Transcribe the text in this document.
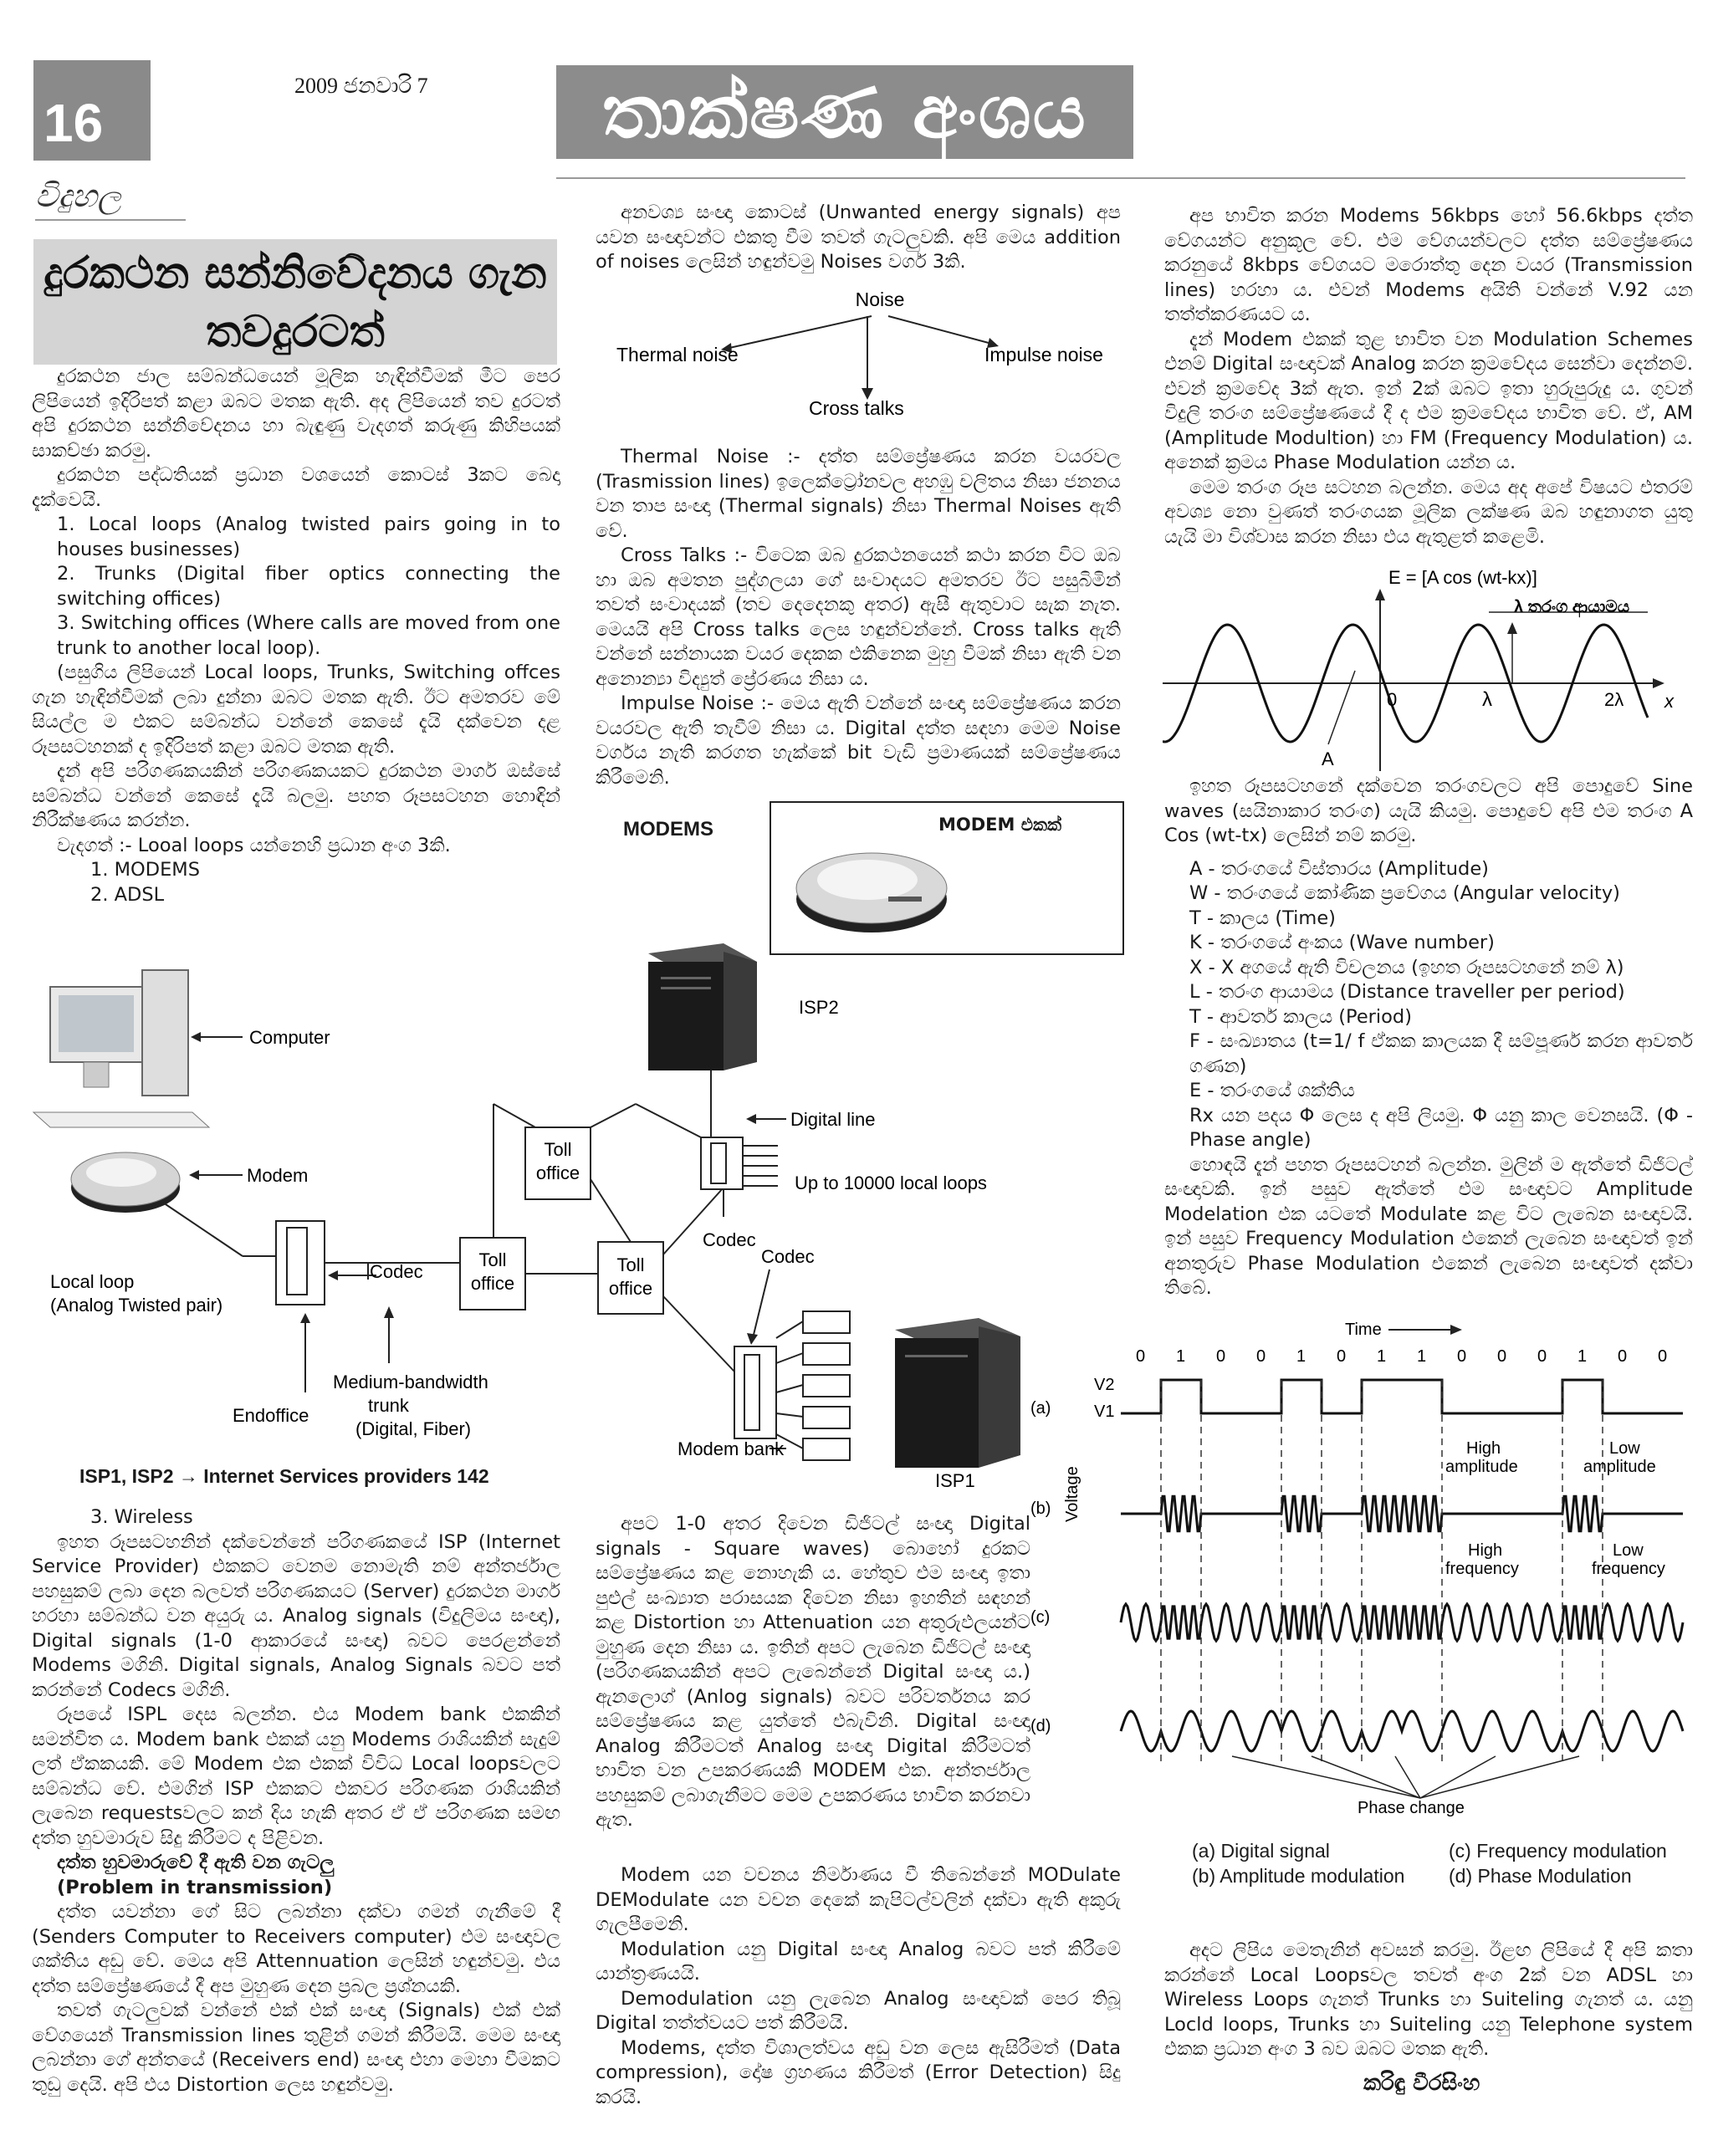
16
2009 ජනවාරි 7	තාක්ෂණ අංශය
විදුහල
දුරකථන සන්නිවේදනය ගැන
තවදුරටත්

දුරකථන ජාල සම්බන්ධයෙන් මූලික හැඳින්වීමක් මීට පෙර ලිපියෙන් ඉදිරිපත් කළා ඔබට මතක ඇති. අද ලිපියෙන් තව දුරටත් අපි දුරකථන සන්නිවේදනය හා බැඳුණු වැදගත් කරුණු කිහිපයක් සාකච්ඡා කරමු.

දුරකථන පද්ධතියක් ප්‍රධාන වශයෙන් කොටස් 3කට බෙදා දැක්වෙයි.

1. Local loops (Analog twisted pairs going in to houses businesses)

2. Trunks (Digital fiber optics connecting the switching offices)

3. Switching offices (Where calls are moved from one trunk to another local loop).

(පසුගිය ලිපියෙන් Local loops, Trunks, Switching offces ගැන හැඳින්වීමක් ලබා දුන්නා ඔබට මතක ඇති. ඊට අමතරව මේ සියල්ල ම එකට සම්බන්ධ වන්නේ කෙසේ දැයි දක්වෙන දළ රූපසටහනක් ද ඉදිරිපත් කළා ඔබට මතක ඇති.

දැන් අපි පරිගණකයකින් පරිගණකයකට දුරකථන මාර්ග ඔස්සේ සම්බන්ධ වන්නේ කෙසේ දැයි බලමු. පහත රූපසටහන හොඳින් නිරීක්ෂණය කරන්න.

වැදගත් :- Looal loops යන්නෙහි ප්‍රධාන අංග 3කි.

1. MODEMS

2. ADSL

අනවශ්‍ය සංඥා කොටස් (Unwanted energy signals) අප යවන සංඥාවන්ට එකතු වීම තවත් ගැටලුවකි. අපි මෙය addition of noises ලෙසින් හඳුන්වමු Noises වර්ග 3කි.

Noise
Thermal noise	Impulse noise
Cross talks

Thermal Noise :- දත්ත සම්ප්‍රේෂණය කරන වයරවල (Trasmission lines) ඉලෙක්ට්‍රෝනවල අහඹු චලිතය නිසා ජනනය වන තාප සංඥා (Thermal signals) නිසා Thermal Noises ඇති වේ.

Cross Talks :- විටෙක ඔබ දුරකථනයෙන් කථා කරන විට ඔබ හා ඔබ අමතන පුද්ගලයා ගේ සංවාදයට අමතරව ඊට පසුබිමින් තවත් සංවාදයක් (තව දෙදෙනකු අතර) ඇසී ඇතුවාට සැක නැත. මෙයයි අපි Cross talks ලෙස හඳුන්වන්නේ. Cross talks ඇති වන්නේ සන්නායක වයර දෙකක එකිනෙක මුහු වීමක් නිසා ඇති වන අනොන්‍යා විද්‍යුත් ප්‍රේරණය නිසා ය.

Impulse Noise :- මෙය ඇති වන්නේ සංඥා සම්ප්‍රේෂණය කරන වයරවල ඇති තැවීම් නිසා ය. Digital දත්ත සඳහා මෙම Noise වර්ගය නැති කරගත හැක්කේ bit වැඩි ප්‍රමාණයක් සම්ප්‍රේෂණය කිරීමෙනි.

MODEMS	MODEM එකක්
Computer
Modem
Local loop
(Analog Twisted pair)
Codec
Endoffice
Medium-bandwidth
trunk
(Digital, Fiber)
Toll
office
Toll
office
Toll
office
ISP2
Digital line
Up to 10000 local loops
Codec
Codec
Modem bank
ISP1
ISP1, ISP2 → Internet Services providers 142

3. Wireless

ඉහත රූපසටහනින් දක්වෙන්නේ පරිගණකයේ ISP (Internet Service Provider) එකකට වෙනම නොමැති නම් අන්තර්ජාල පහසුකම් ලබා දෙන බලවත් පරිගණකයට (Server) දුරකථන මාර්ග හරහා සම්බන්ධ වන අයුරු ය. Analog signals (විදුලිමය සංඥා), Digital signals (1-0 ආකාරයේ සංඥා) බවට පෙරළන්නේ Modems මගිනි. Digital signals, Analog Signals බවට පත් කරන්නේ Codecs මගිනි.

රූපයේ ISPL දෙස බලන්න. එය Modem bank එකකින් සමන්විත ය. Modem bank එකක් යනු Modems රාශියකින් සැදුම් ලත් ඒකකයකි. මේ Modem එක එකක් විවිධ Local loopsවලට සම්බන්ධ වේ. එමගින් ISP එකකට එකවර පරිගණක රාශියකින් ලැබෙන requestsවලට කන් දිය හැකි අතර ඒ ඒ පරිගණක සමඟ දත්ත හුවමාරුව සිදු කිරීමට ද පිළිවන.

දත්ත හුවමාරුවේ දී ඇති වන ගැටලු

(Problem in transmission)

දත්ත යවන්නා ගේ සිට ලබන්නා දක්වා ගමන් ගැනීමේ දී (Senders Computer to Receivers computer) එම සංඥාවල ශක්තිය අඩු වේ. මෙය අපි Attennuation ලෙසින් හඳුන්වමු. එය දත්ත සම්ප්‍රේෂණයේ දී අප මුහුණ දෙන ප්‍රබල ප්‍රශ්නයකි.

තවත් ගැටලුවක් වන්නේ එක් එක් සංඥා (Signals) එක් එක් වේගයෙන් Transmission lines තුළින් ගමන් කිරීමයි. මෙම සංඥා ලබන්නා ගේ අන්තයේ (Receivers end) සංඥා එහා මෙහා වීමකට තුඩු දෙයි. අපි එය Distortion ලෙස හඳුන්වමු.

අපට 1-0 අතර දිවෙන ඩිජිටල් සංඥා Digital signals - Square waves) බොහෝ දුරකට සම්ප්‍රේෂණය කළ නොහැකි ය. හේතුව එම සංඥා ඉතා පුළුල් සංඛ්‍යාත පරාසයක දිවෙන නිසා ඉහතින් සඳහන් කළ Distortion හා Attenuation යන අතුරුඵලයන්ට මුහුණ දෙන නිසා ය. ඉතින් අපට ලැබෙන ඩිජිටල් සංඥා (පරිගණකයකින් අපට ලැබෙන්නේ Digital සංඥා ය.) ඇනලොග් (Anlog signals) බවට පරිවර්තනය කර සම්ප්‍රේෂණය කළ යුත්තේ එබැවිනි. Digital සංඥා Analog කිරීමටත් Analog සංඥා Digital කිරීමටත් භාවිත වන උපකරණයකි MODEM එක. අන්තර්ජාල පහසුකම් ලබාගැනීමට මෙම උපකරණය භාවිත කරනවා ඇත.

Modem යන වචනය නිර්මාණය වී තිබෙන්නේ MODulate DEModulate යන වචන දෙකේ කැපිටල්වලින් දක්වා ඇති අකුරු ගැලපීමෙනි.

Modulation යනු Digital සංඥා Analog බවට පත් කිරීමේ යාන්ත්‍රණයයි.

Demodulation යනු ලැබෙන Analog සංඥාවක් පෙර තිබූ Digital තත්ත්වයට පත් කිරීමයි.

Modems, දත්ත විශාලත්වය අඩු වන ලෙස ඇසිරීමත් (Data compression), දෝෂ ග්‍රහණය කිරීමත් (Error Detection) සිදු කරයි.

අප භාවිත කරන Modems 56kbps හෝ 56.6kbps දත්ත වේගයන්ට අනුකූල වේ. එම වේගයන්වලට දත්ත සම්ප්‍රේෂණය කරනුයේ 8kbps වේගයට මරොත්තු දෙන වයර (Transmission lines) හරහා ය. එවන් Modems අයිති වන්නේ V.92 යන තත්ත්කරණයට ය.

දැන් Modem එකක් තුළ භාවිත වන Modulation Schemes එනම් Digital සංඥාවක් Analog කරන ක්‍රමවේදය සෙන්වා දෙන්නම්. එවන් ක්‍රමවේද 3ක් ඇත. ඉන් 2ක් ඔබට ඉතා හුරුපුරුදු ය. ගුවන් විදුලි තරංග සම්ප්‍රේෂණයේ දී ද එම ක්‍රමවේදය භාවිත වේ. ඒ, AM (Amplitude Modultion) හා FM (Frequency Modulation) ය. අනෙක් ක්‍රමය Phase Modulation යන්න ය.

මෙම තරංග රූප සටහන බලන්න. මෙය අද අපේ විෂයට එතරම් අවශ්‍ය නො වුණත් තරංගයක මූලික ලක්ෂණ ඔබ හඳුනාගත යුතු යැයි මා විශ්වාස කරන නිසා එය ඇතුළත් කළෙමි.

E = [A cos (wt-kx)]
λ තරංග ආයාමය
0	λ	2λ x
A

ඉහත රූපසටහනේ දක්වෙන තරංගවලට අපි පොදුවේ Sine waves (සයිනාකාර තරංග) යැයි කියමු. පොදුවේ අපි එම තරංග A Cos (wt-tx) ලෙසින් නම් කරමු.

A - තරංගයේ විස්තාරය (Amplitude)

W - තරංගයේ කෝණික ප්‍රවේගය (Angular velocity)

T - කාලය (Time)

K - තරංගයේ අංකය (Wave number)

X - X අගයේ ඇති විචලනය (ඉහත රූපසටහනේ නම් λ)

L - තරංග ආයාමය (Distance traveller per period)

T - ආවර්ත කාලය (Period)

F - සංඛ්‍යාතය (t=1/ f ඒකක කාලයක දී සම්පූර්ණ කරන ආවර්ත ගණන)

E - තරංගයේ ශක්තිය

Rx යන පදය Φ ලෙස ද අපි ලියමු. Φ යනු කාල වෙනසයි. (Φ -Phase angle)

හොඳයි දැන් පහත රූපසටහන් බලන්න. මුලින් ම ඇත්තේ ඩිජිටල් සංඥාවකි. ඉන් පසුව ඇත්තේ එම සංඥාවට Amplitude Modelation එක යටතේ Modulate කළ විට ලැබෙන සංඥාවයි. ඉන් පසුව Frequency Modulation එකෙන් ලැබෙන සංඥාවත් ඉන් අනතුරුව Phase Modulation එකෙන් ලැබෙන සංඥාවත් දක්වා තිබේ.

Time
0 1 0 0 1 0 1 1 0 0 0 1 0 0
V2
V1
Voltage
(a)
(b)
(c)
(d)
High amplitude
Low amplitude
High frequency
Low frequency
Phase change
(a) Digital signal
(b) Amplitude modulation
(c) Frequency modulation
(d) Phase Modulation

අදට ලිපිය මෙතැනින් අවසන් කරමු. ඊළඟ ලිපියේ දී අපි කතා කරන්නේ Local Loopsවල තවත් අංග 2ක් වන ADSL හා Wireless Loops ගැනත් Trunks හා Suiteling ගැනත් ය. යනු Locld loops, Trunks හා Suiteling යනු Telephone system එකක ප්‍රධාන අංග 3 බව ඔබට මතක ඇති.

කරිඳු වීරසිංහ
